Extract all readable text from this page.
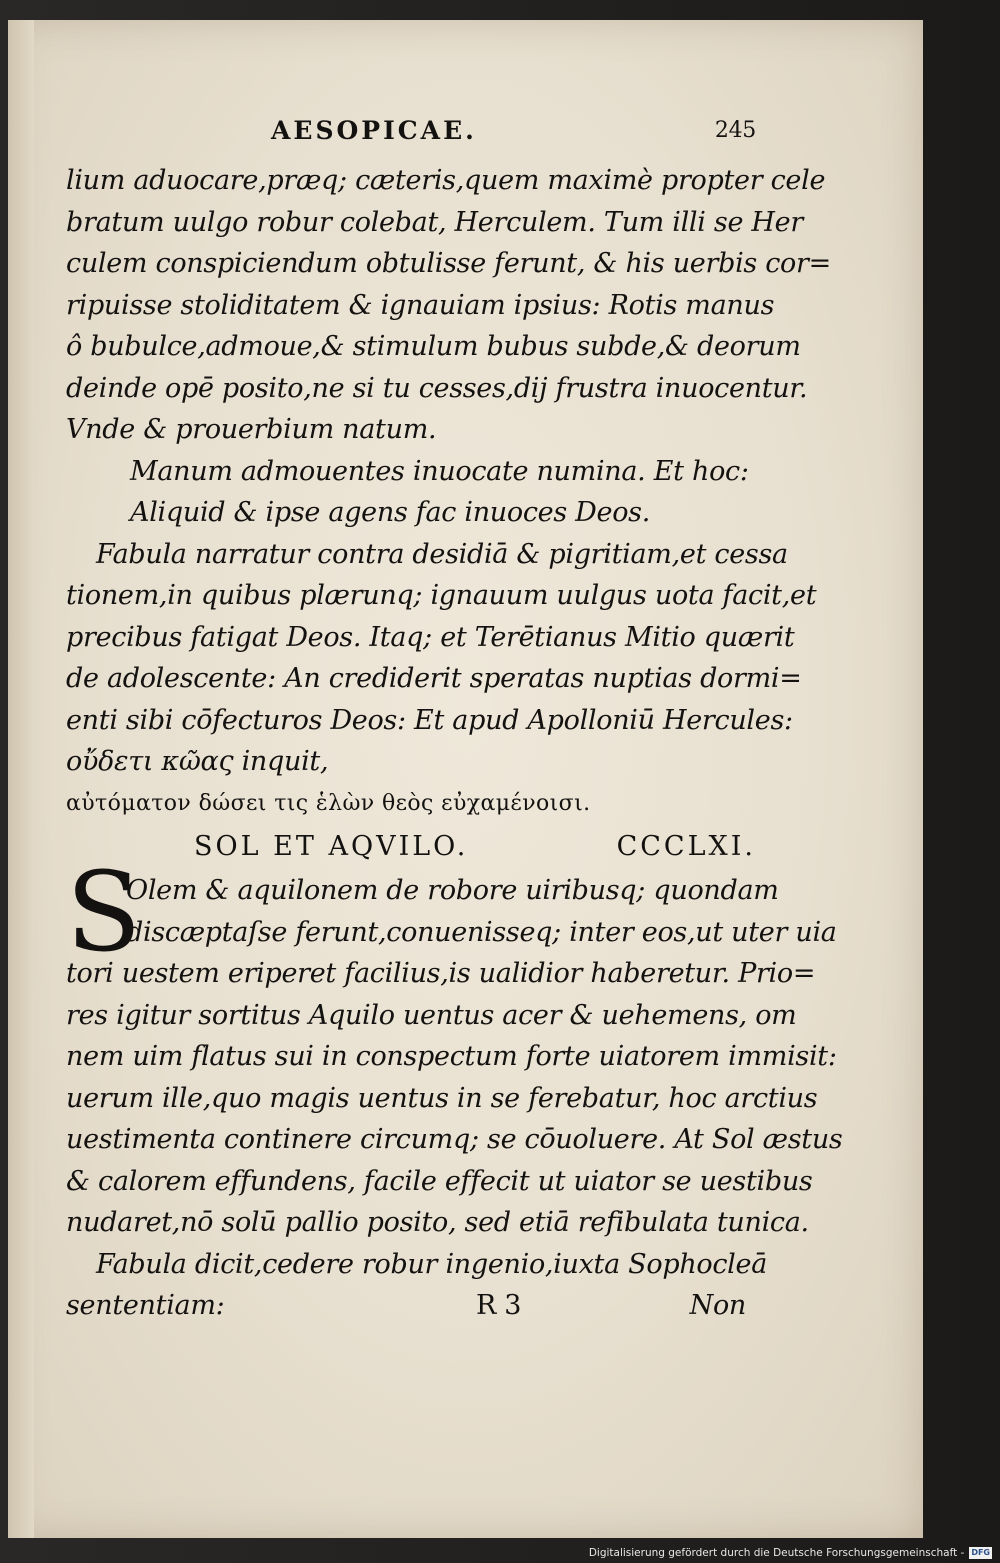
AESOPICAE.	245
lium aduocare,præq; cæteris,quem maximè propter cele
bratum uulgo robur colebat, Herculem. Tum illi se Her
culem conspiciendum obtulisse ferunt, & his uerbis cor=
ripuisse stoliditatem & ignauiam ipsius: Rotis manus
ô bubulce,admoue,& stimulum bubus subde,& deorum
deinde opē posito,ne si tu cesses,dij frustra inuocentur.
Vnde & prouerbium natum.
Manum admouentes inuocate numina. Et hoc:
Aliquid & ipse agens fac inuoces Deos.
Fabula narratur contra desidiā & pigritiam,et cessa
tionem,in quibus plærunq; ignauum uulgus uota facit,et
precibus fatigat Deos. Itaq; et Terētianus Mitio quærit
de adolescente: An crediderit speratas nuptias dormi=
enti sibi cōfecturos Deos: Et apud Apolloniū Hercules:
οὔδετι κῶας inquit,
αὐτόματον δώσει τις ἑλὼν θεὸς εὐχαμένοισι.
SOL ET AQVILO.	CCCLXI.
S
Olem & aquilonem de robore uiribusq; quondam
discæptaſse ferunt,conuenisseq; inter eos,ut uter uia
tori uestem eriperet facilius,is ualidior haberetur. Prio=
res igitur sortitus Aquilo uentus acer & uehemens, om
nem uim flatus sui in conspectum forte uiatorem immisit:
uerum ille,quo magis uentus in se ferebatur, hoc arctius
uestimenta continere circumq; se cōuoluere. At Sol æstus
& calorem effundens, facile effecit ut uiator se uestibus
nudaret,nō solū pallio posito, sed etiā refibulata tunica.
Fabula dicit,cedere robur ingenio,iuxta Sophocleā
sententiam:	R 3	Non
Digitalisierung gefördert durch die Deutsche Forschungsgemeinschaft - DFG
